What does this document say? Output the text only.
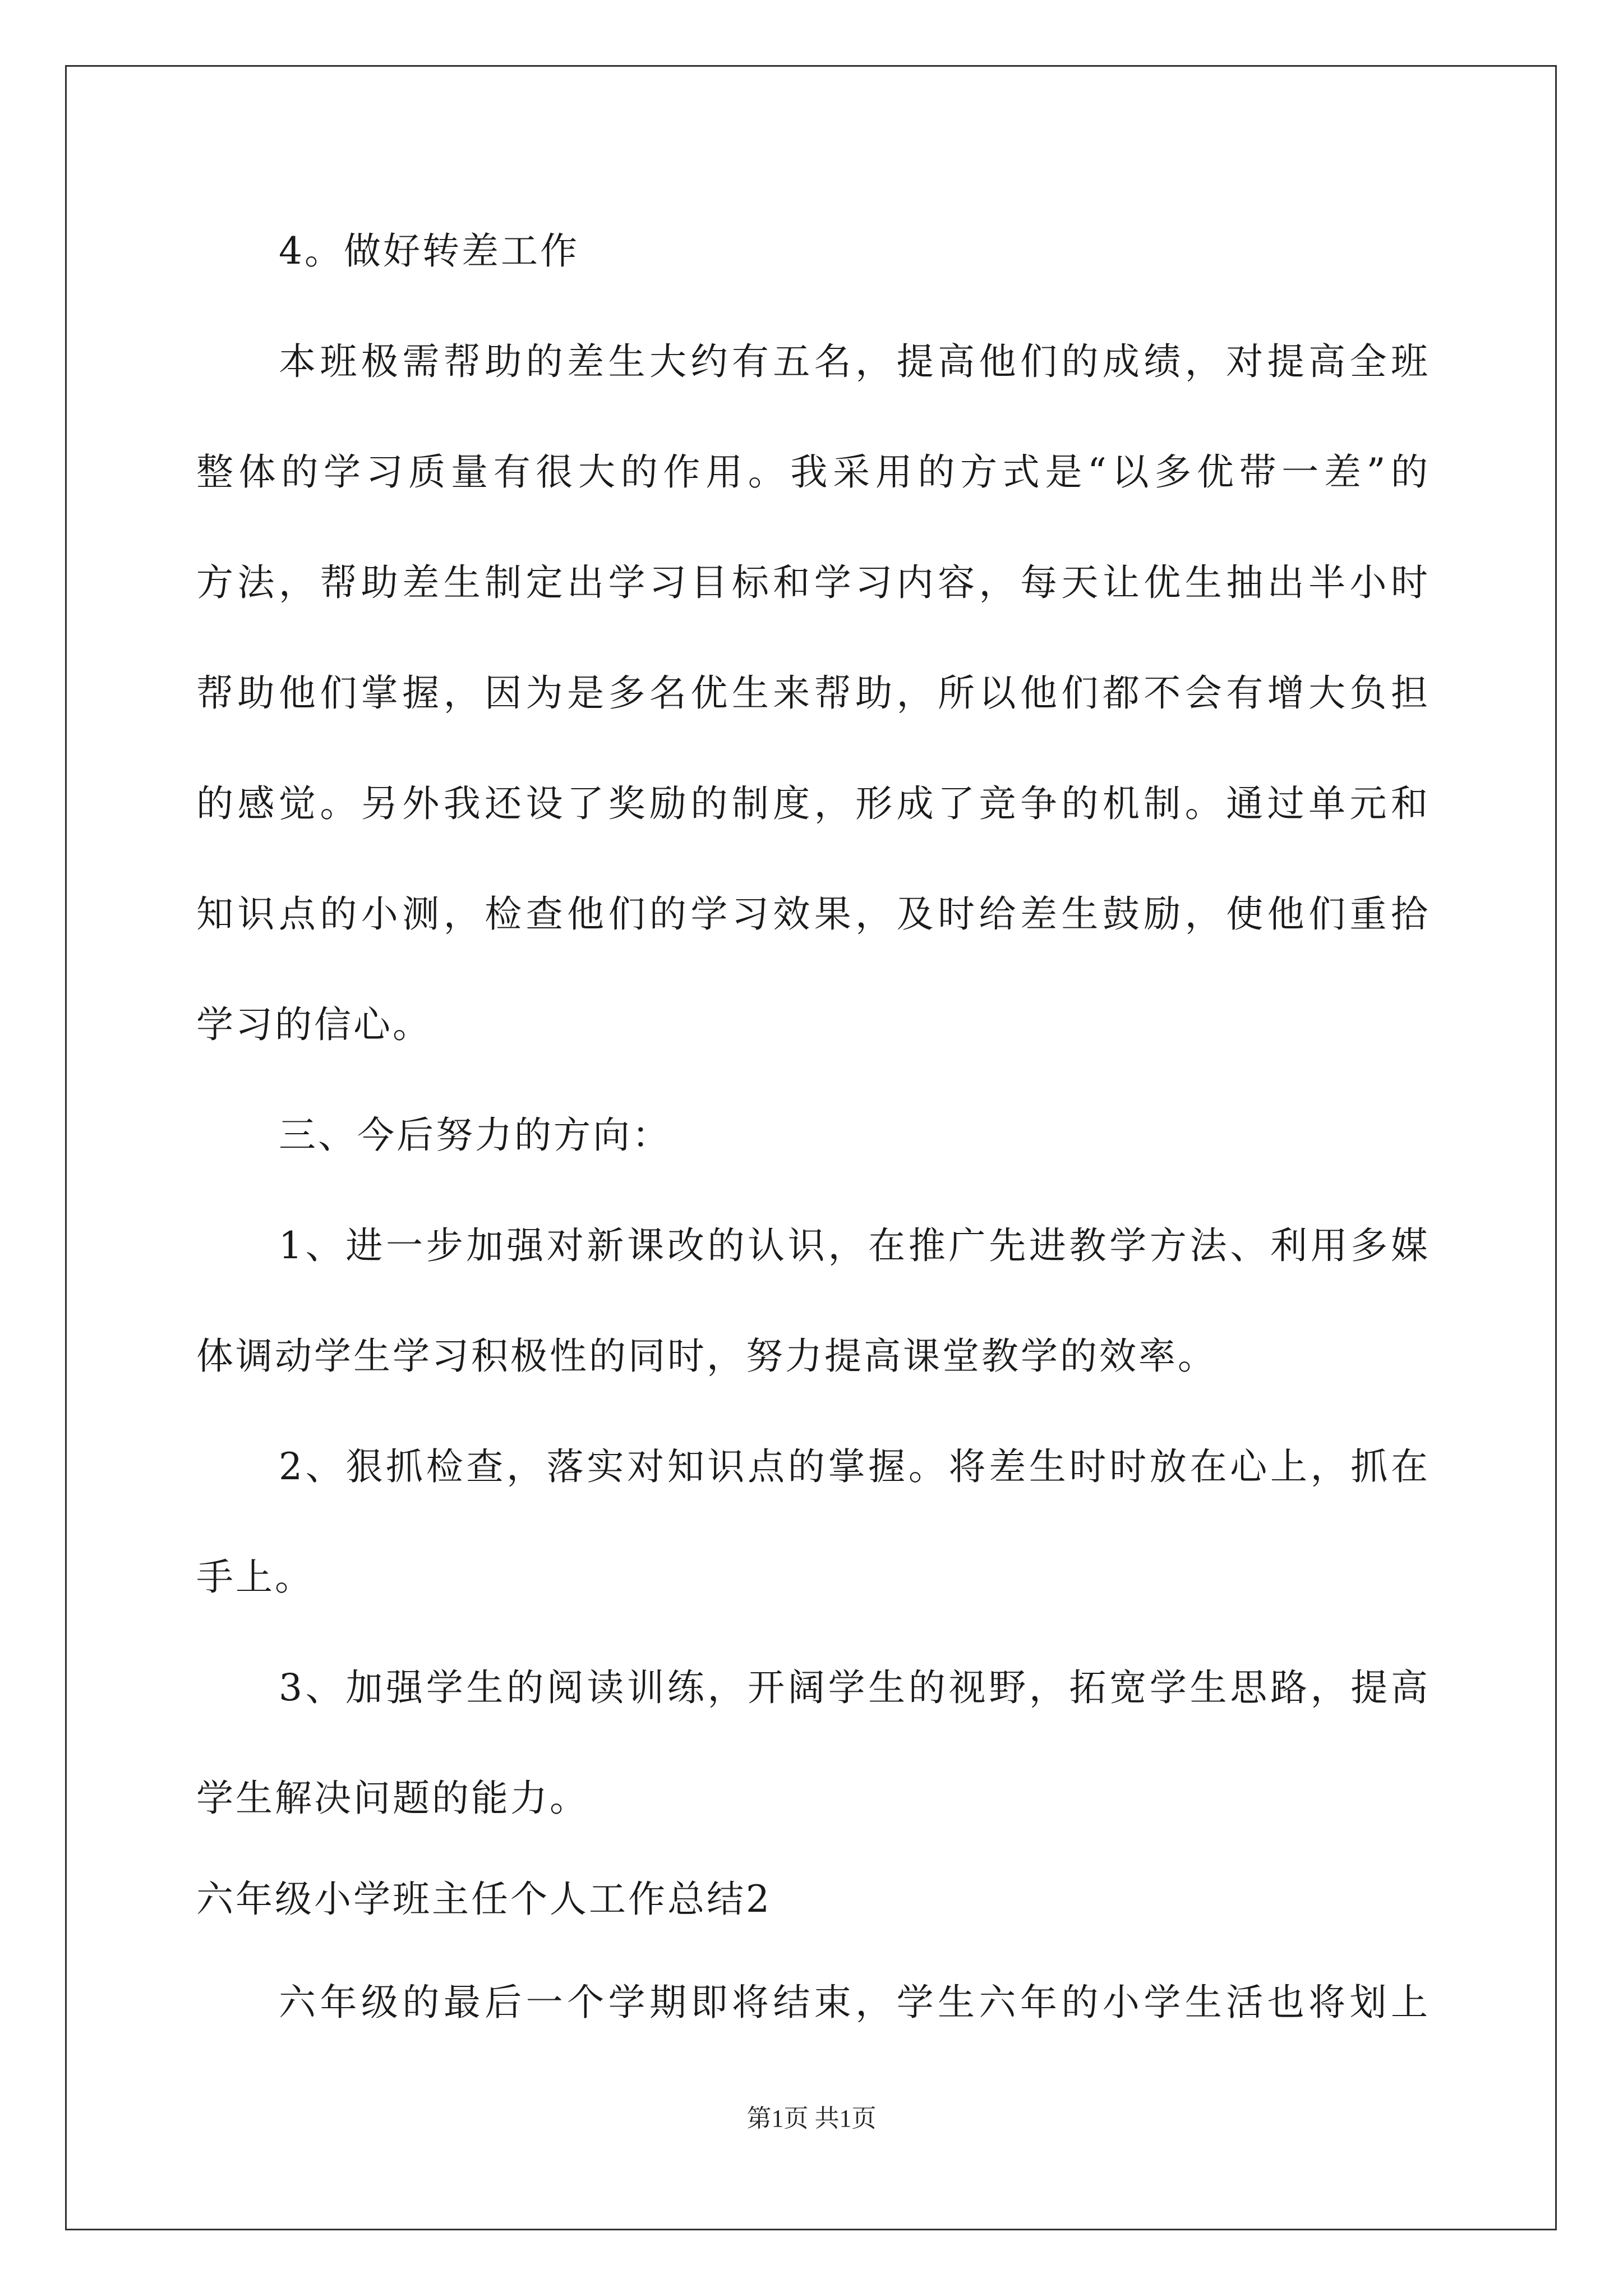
4。做好转差工作

本班极需帮助的差生大约有五名，提高他们的成绩，对提高全班

整体的学习质量有很大的作用。我采用的方式是“以多优带一差”的

方法，帮助差生制定出学习目标和学习内容，每天让优生抽出半小时

帮助他们掌握，因为是多名优生来帮助，所以他们都不会有增大负担

的感觉。另外我还设了奖励的制度，形成了竞争的机制。通过单元和

知识点的小测，检查他们的学习效果，及时给差生鼓励，使他们重拾

学习的信心。

三、今后努力的方向：

1、进一步加强对新课改的认识，在推广先进教学方法、利用多媒

体调动学生学习积极性的同时，努力提高课堂教学的效率。

2、狠抓检查，落实对知识点的掌握。将差生时时放在心上，抓在

手上。

3、加强学生的阅读训练，开阔学生的视野，拓宽学生思路，提高

学生解决问题的能力。

六年级小学班主任个人工作总结2

六年级的最后一个学期即将结束，学生六年的小学生活也将划上

第1页 共1页
